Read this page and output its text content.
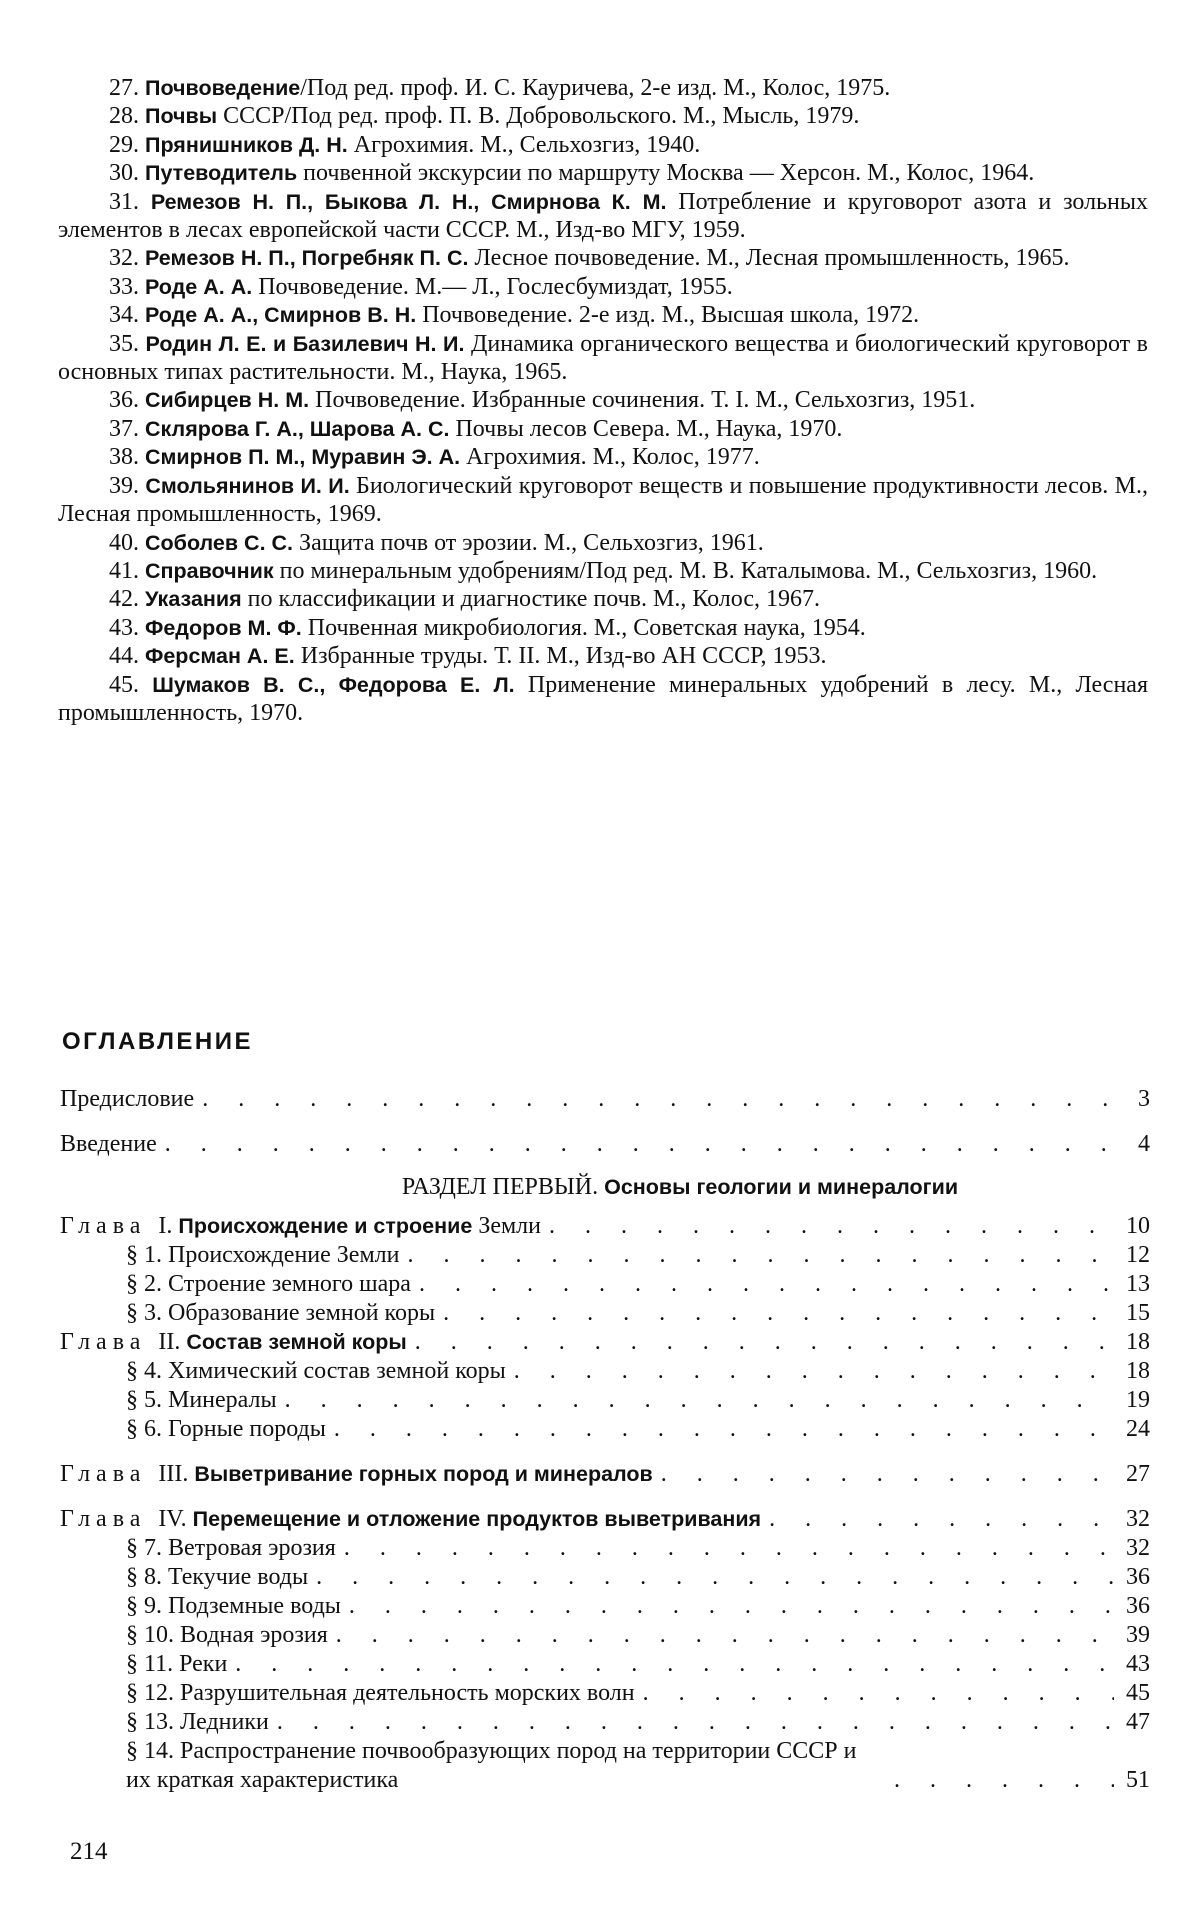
27. Почвоведение/Под ред. проф. И. С. Кауричева, 2-е изд. М., Колос, 1975.

28. Почвы СССР/Под ред. проф. П. В. Добровольского. М., Мысль, 1979.

29. Прянишников Д. Н. Агрохимия. М., Сельхозгиз, 1940.

30. Путеводитель почвенной экскурсии по маршруту Москва — Херсон. М., Колос, 1964.

31. Ремезов Н. П., Быкова Л. Н., Смирнова К. М. Потребление и круговорот азота и зольных элементов в лесах европейской части СССР. М., Изд-во МГУ, 1959.

32. Ремезов Н. П., Погребняк П. С. Лесное почвоведение. М., Лесная промышленность, 1965.

33. Роде А. А. Почвоведение. М.— Л., Гослесбумиздат, 1955.

34. Роде А. А., Смирнов В. Н. Почвоведение. 2-е изд. М., Высшая школа, 1972.

35. Родин Л. Е. и Базилевич Н. И. Динамика органического вещества и биологический круговорот в основных типах растительности. М., Наука, 1965.

36. Сибирцев Н. М. Почвоведение. Избранные сочинения. Т. I. М., Сельхозгиз, 1951.

37. Склярова Г. А., Шарова А. С. Почвы лесов Севера. М., Наука, 1970.

38. Смирнов П. М., Муравин Э. А. Агрохимия. М., Колос, 1977.

39. Смольянинов И. И. Биологический круговорот веществ и повышение продуктивности лесов. М., Лесная промышленность, 1969.

40. Соболев С. С. Защита почв от эрозии. М., Сельхозгиз, 1961.

41. Справочник по минеральным удобрениям/Под ред. М. В. Каталымова. М., Сельхозгиз, 1960.

42. Указания по классификации и диагностике почв. М., Колос, 1967.

43. Федоров М. Ф. Почвенная микробиология. М., Советская наука, 1954.

44. Ферсман А. Е. Избранные труды. Т. II. М., Изд-во АН СССР, 1953.

45. Шумаков В. С., Федорова Е. Л. Применение минеральных удобрений в лесу. М., Лесная промышленность, 1970.

ОГЛАВЛЕНИЕ
Предисловие . . .	3
Введение . . .	4
РАЗДЕЛ ПЕРВЫЙ. Основы геологии и минералогии
Глава I. Происхождение и строение Земли . . .	10
§ 1. Происхождение Земли . . .	12
§ 2. Строение земного шара . . .	13
§ 3. Образование земной коры . . .	15
Глава II. Состав земной коры . . .	18
§ 4. Химический состав земной коры . . .	18
§ 5. Минералы . . .	19
§ 6. Горные породы . . .	24
Глава III. Выветривание горных пород и минералов . . .	27
Глава IV. Перемещение и отложение продуктов выветривания . . .	32
§ 7. Ветровая эрозия . . .	32
§ 8. Текучие воды . . .	36
§ 9. Подземные воды . . .	36
§ 10. Водная эрозия . . .	39
§ 11. Реки . . .	43
§ 12. Разрушительная деятельность морских волн . . .	45
§ 13. Ледники . . .	47
§ 14. Распространение почвообразующих пород на территории СССР и их краткая характеристика . . .	51
214
